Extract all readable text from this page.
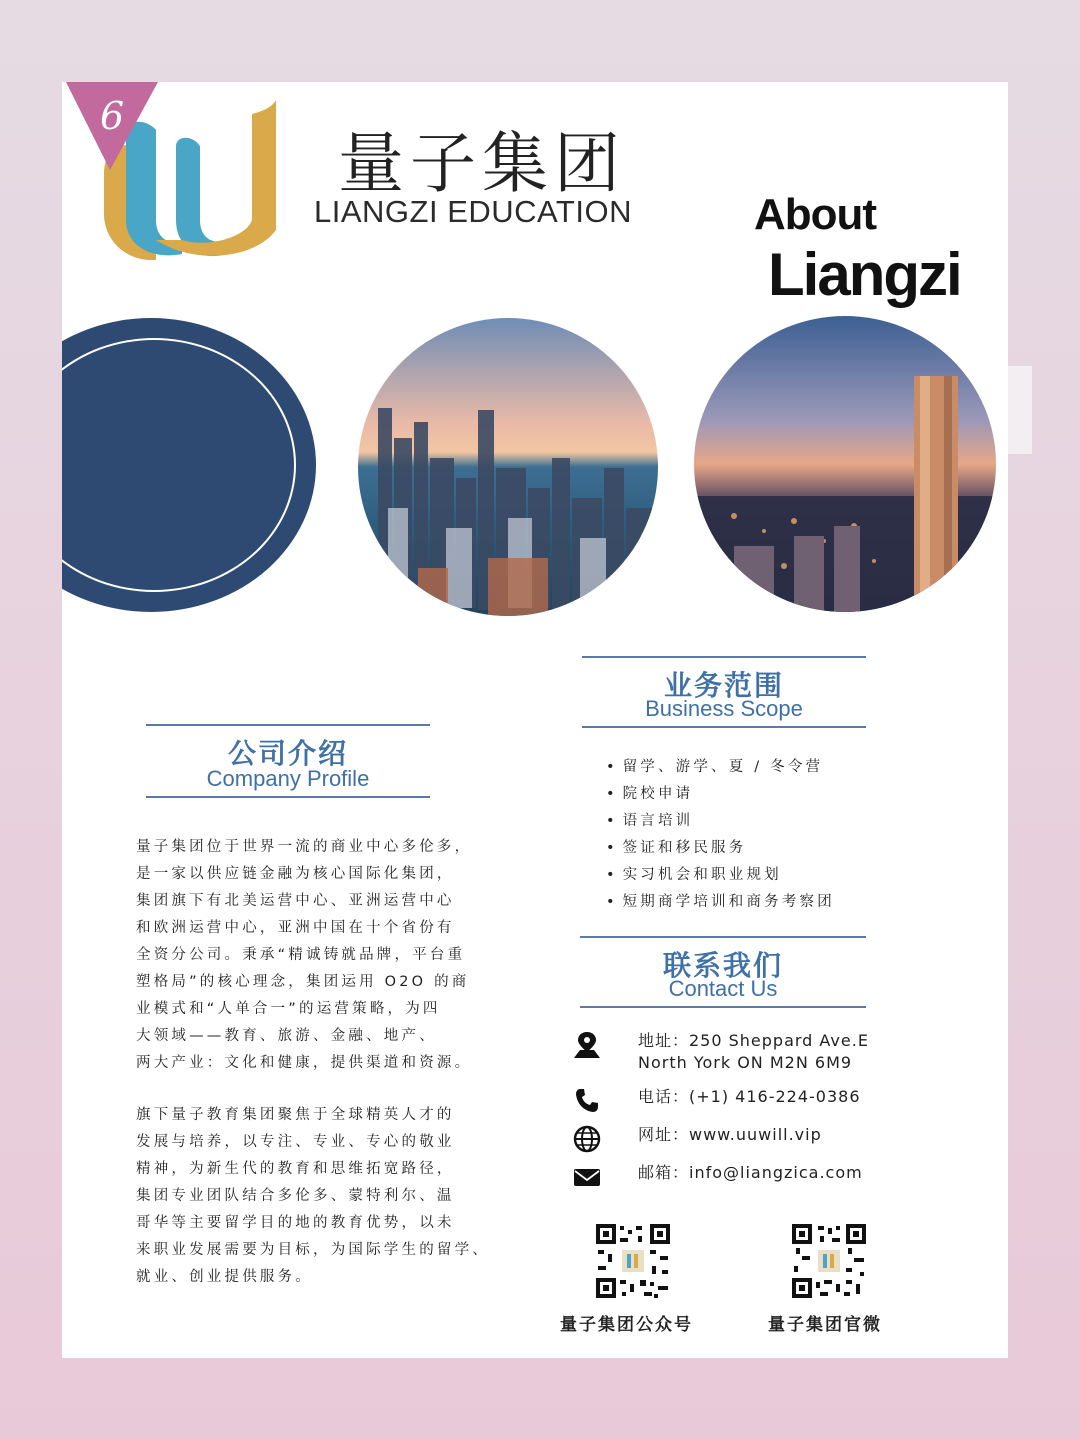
6
量子集团
LIANGZI EDUCATION	About
Liangzi
公司介绍
Company Profile
量子集团位于世界一流的商业中心多伦多，
是一家以供应链金融为核心国际化集团，
集团旗下有北美运营中心、亚洲运营中心
和欧洲运营中心，亚洲中国在十个省份有
全资分公司。秉承“精诚铸就品牌，平台重
塑格局”的核心理念，集团运用 O2O 的商
业模式和“人单合一”的运营策略，为四
大领域——教育、旅游、金融、地产、
两大产业：文化和健康，提供渠道和资源。
旗下量子教育集团聚焦于全球精英人才的
发展与培养，以专注、专业、专心的敬业
精神，为新生代的教育和思维拓宽路径，
集团专业团队结合多伦多、蒙特利尔、温
哥华等主要留学目的地的教育优势，以未
来职业发展需要为目标，为国际学生的留学、
就业、创业提供服务。
业务范围
Business Scope
• 留学、游学、夏 / 冬令营
• 院校申请
• 语言培训
• 签证和移民服务
• 实习机会和职业规划
• 短期商学培训和商务考察团
联系我们
Contact Us
地址：250 Sheppard Ave.E
North York ON M2N 6M9
电话：(+1) 416-224-0386
网址：www.uuwill.vip
邮箱：info@liangzica.com
量子集团公众号	量子集团官微
